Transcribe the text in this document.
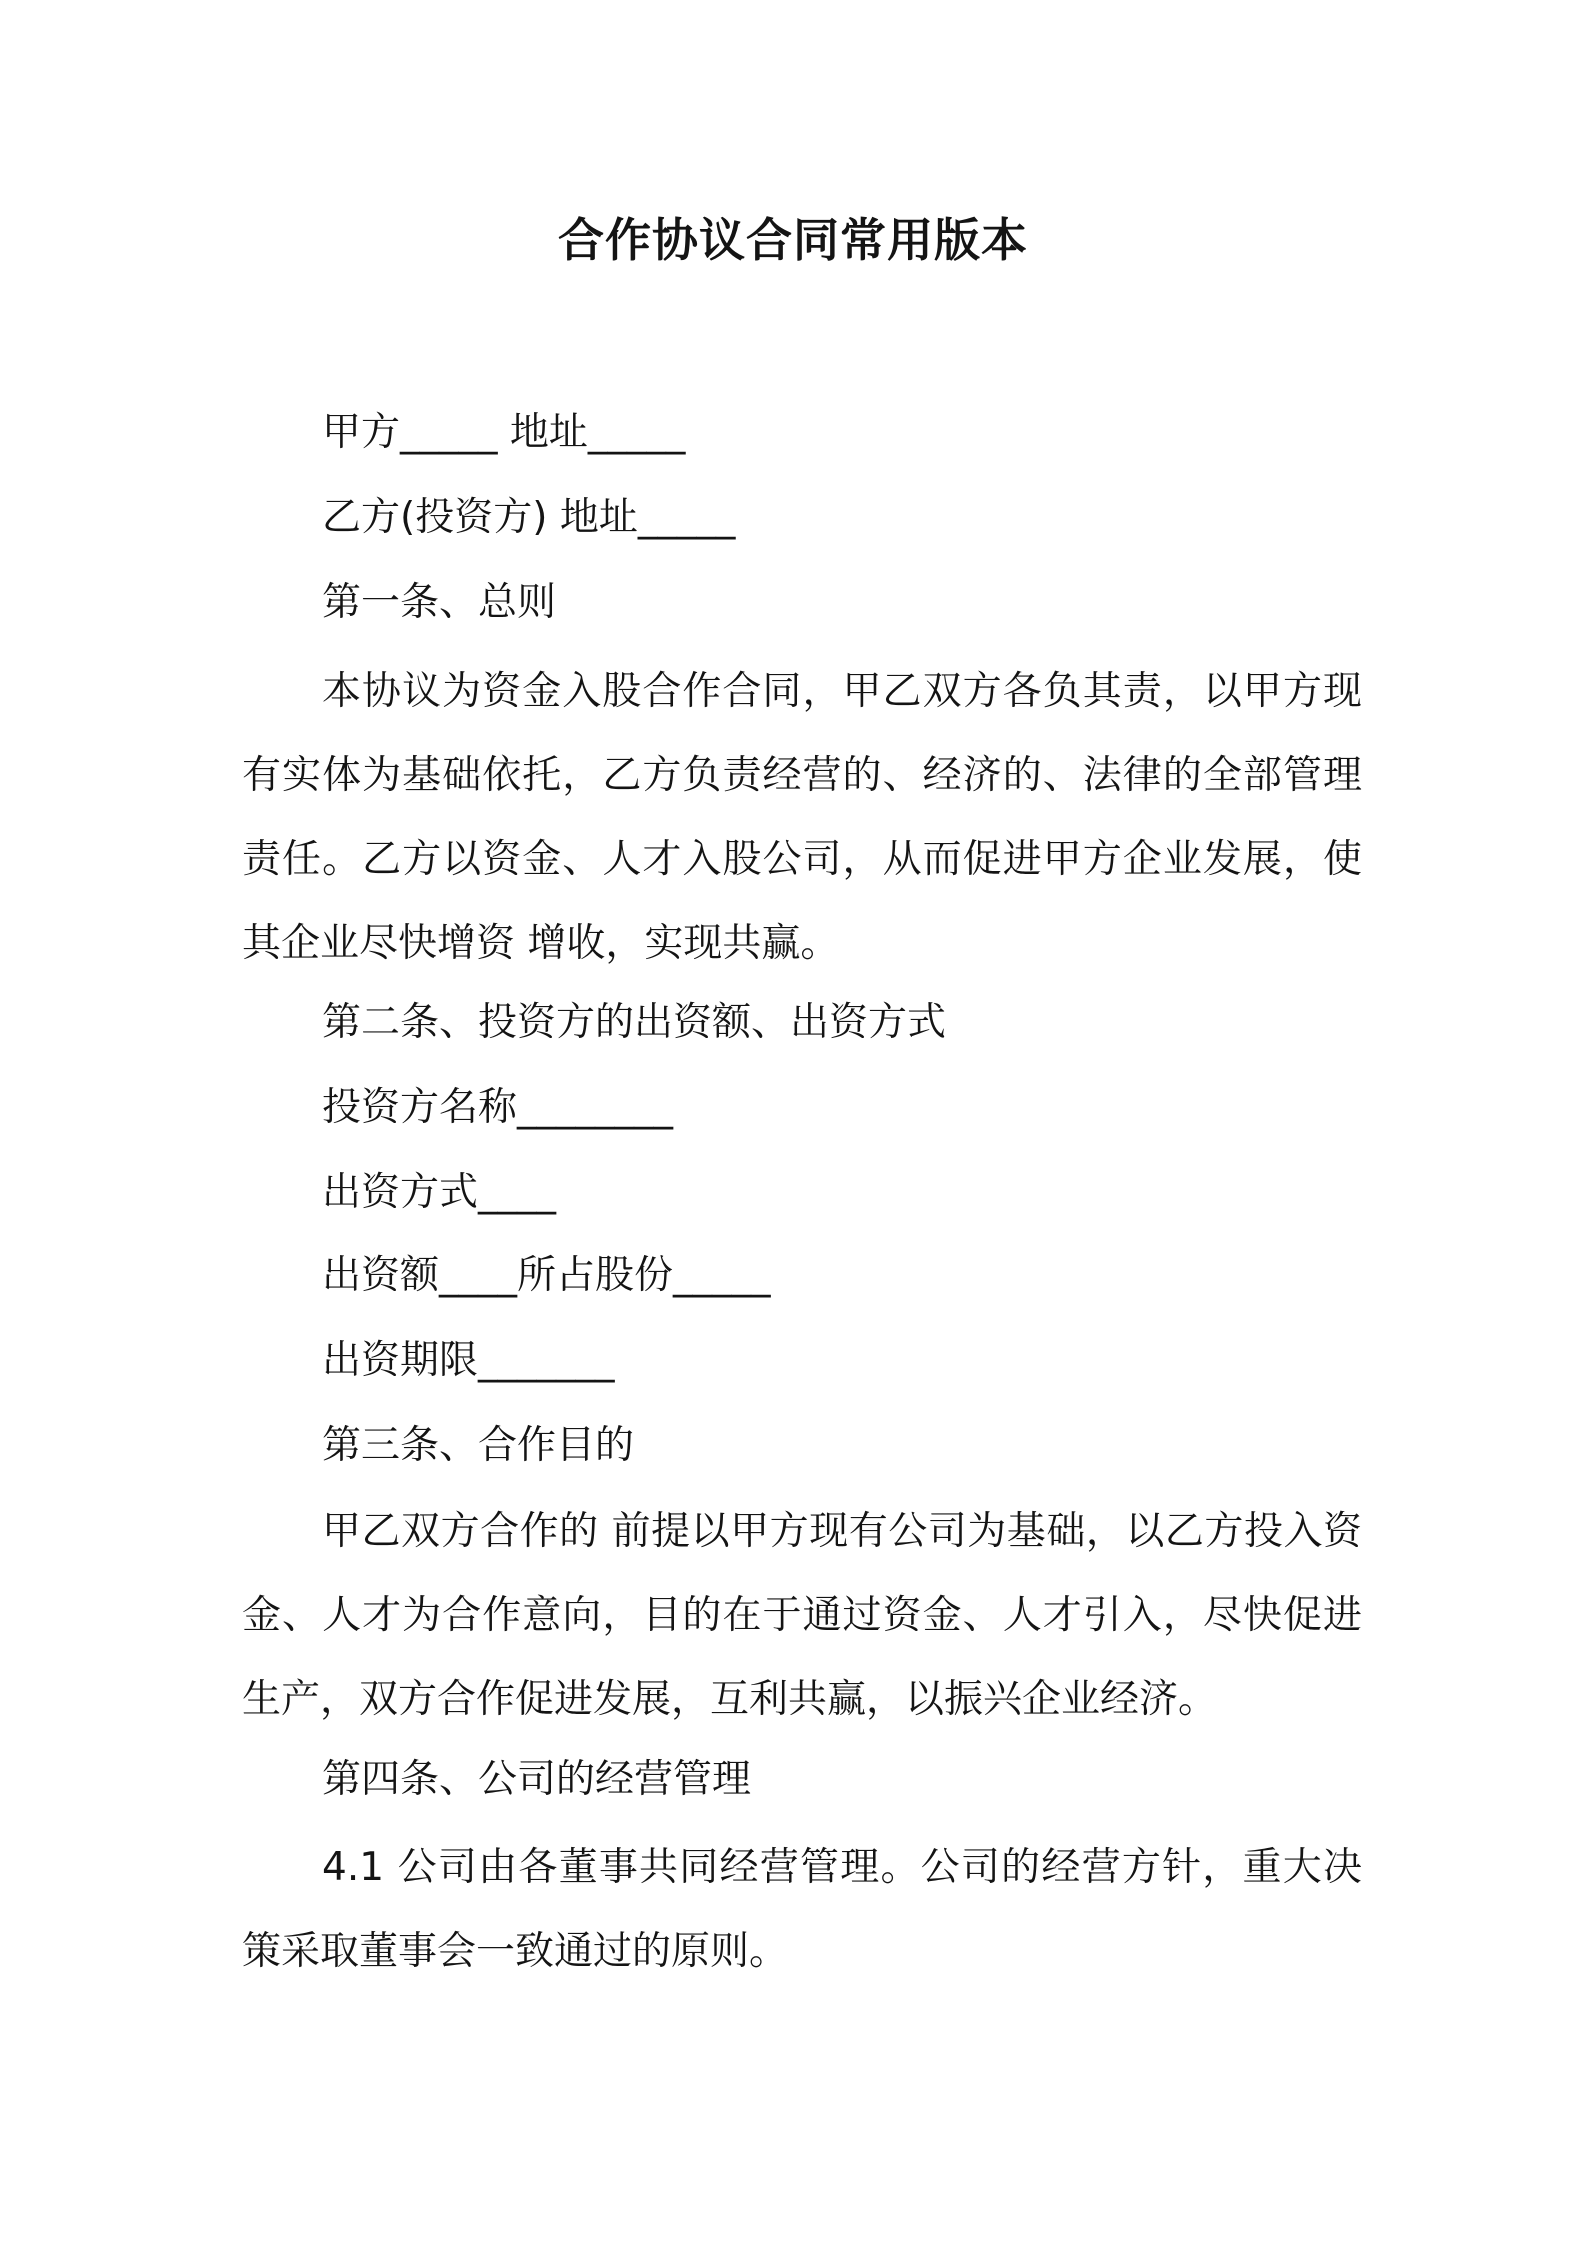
合作协议合同常用版本

甲方_____ 地址_____

乙方(投资方) 地址_____

第一条、总则

本协议为资金入股合作合同，甲乙双方各负其责，以甲方现有实体为基础依托，乙方负责经营的、经济的、法律的全部管理责任。乙方以资金、人才入股公司，从而促进甲方企业发展，使其企业尽快增资 增收，实现共赢。

第二条、投资方的出资额、出资方式

投资方名称________

出资方式____

出资额____所占股份_____

出资期限_______

第三条、合作目的

甲乙双方合作的 前提以甲方现有公司为基础，以乙方投入资金、人才为合作意向，目的在于通过资金、人才引入，尽快促进生产，双方合作促进发展，互利共赢，以振兴企业经济。

第四条、公司的经营管理

4.1 公司由各董事共同经营管理。公司的经营方针，重大决策采取董事会一致通过的原则。
